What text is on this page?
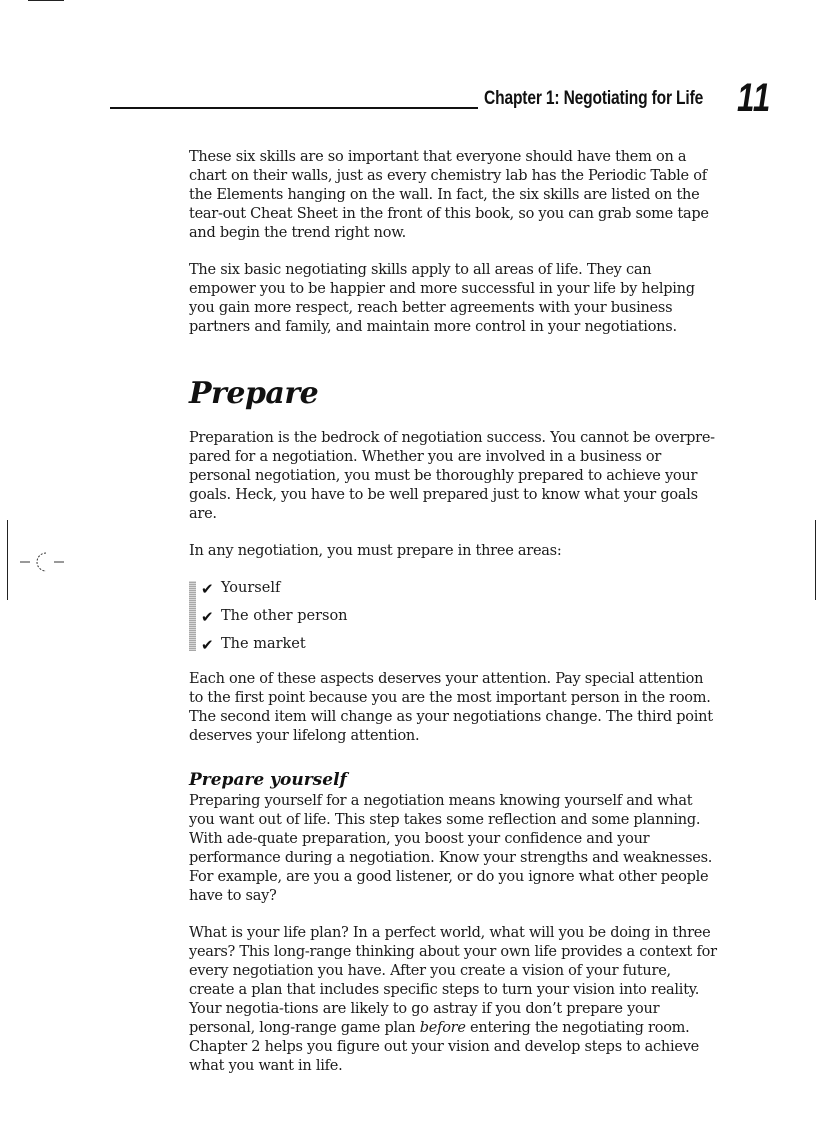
Chapter 1: Negotiating for Life 11

These six skills are so important that everyone should have them on a chart on their walls, just as every chemistry lab has the Periodic Table of the Elements hanging on the wall. In fact, the six skills are listed on the tear-out Cheat Sheet in the front of this book, so you can grab some tape and begin the trend right now.

The six basic negotiating skills apply to all areas of life. They can empower you to be happier and more successful in your life by helping you gain more respect, reach better agreements with your business partners and family, and maintain more control in your negotiations.

Prepare

Preparation is the bedrock of negotiation success. You cannot be overpre-pared for a negotiation. Whether you are involved in a business or personal negotiation, you must be thoroughly prepared to achieve your goals. Heck, you have to be well prepared just to know what your goals are.

In any negotiation, you must prepare in three areas:

✔ Yourself
✔ The other person
✔ The market

Each one of these aspects deserves your attention. Pay special attention to the first point because you are the most important person in the room. The second item will change as your negotiations change. The third point deserves your lifelong attention.

Prepare yourself

Preparing yourself for a negotiation means knowing yourself and what you want out of life. This step takes some reflection and some planning. With ade-quate preparation, you boost your confidence and your performance during a negotiation. Know your strengths and weaknesses. For example, are you a good listener, or do you ignore what other people have to say?

What is your life plan? In a perfect world, what will you be doing in three years? This long-range thinking about your own life provides a context for every negotiation you have. After you create a vision of your future, create a plan that includes specific steps to turn your vision into reality. Your negotia-tions are likely to go astray if you don’t prepare your personal, long-range game plan before entering the negotiating room. Chapter 2 helps you figure out your vision and develop steps to achieve what you want in life.
